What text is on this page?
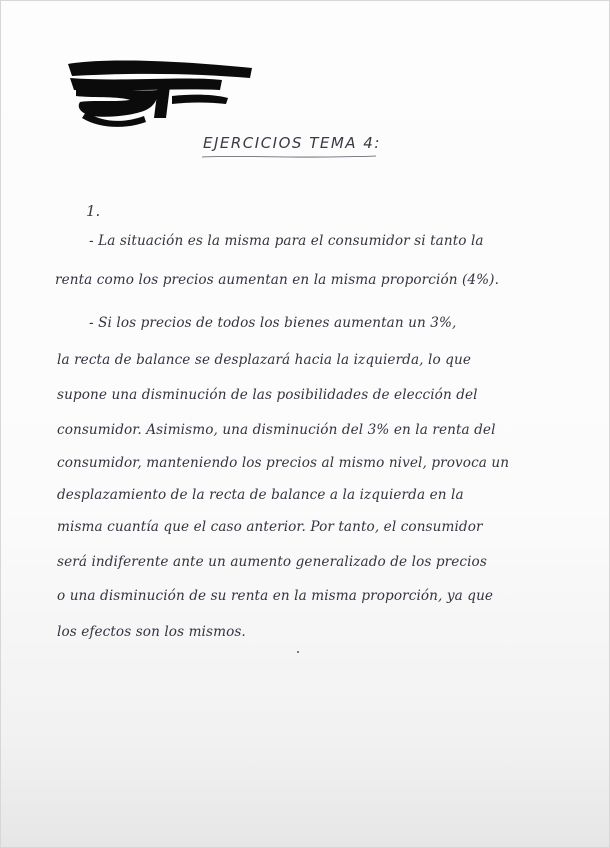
EJERCICIOS TEMA 4:
1.
- La situación es la misma para el consumidor si tanto la
renta como los precios aumentan en la misma proporción (4%).
- Si los precios de todos los bienes aumentan un 3%,
la recta de balance se desplazará hacia la izquierda, lo que
supone una disminución de las posibilidades de elección del
consumidor. Asimismo, una disminución del 3% en la renta del
consumidor, manteniendo los precios al mismo nivel, provoca un
desplazamiento de la recta de balance a la izquierda en la
misma cuantía que el caso anterior. Por tanto, el consumidor
será indiferente ante un aumento generalizado de los precios
o una disminución de su renta en la misma proporción, ya que
los efectos son los mismos.
